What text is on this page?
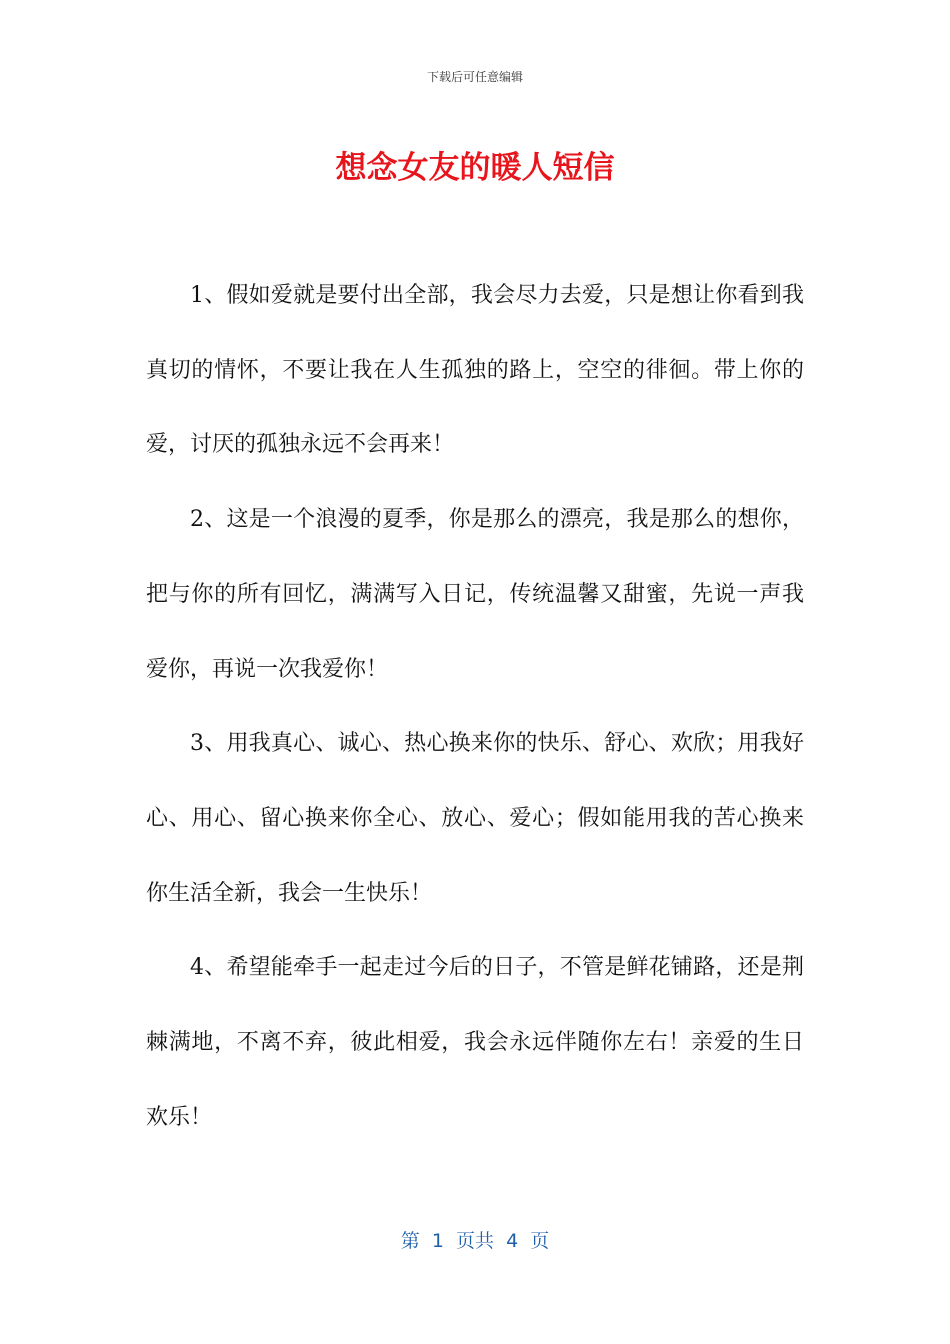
下载后可任意编辑
想念女友的暖人短信

1、假如爱就是要付出全部，我会尽力去爱，只是想让你看到我真切的情怀，不要让我在人生孤独的路上，空空的徘徊。带上你的爱，讨厌的孤独永远不会再来！

2、这是一个浪漫的夏季，你是那么的漂亮，我是那么的想你，把与你的所有回忆，满满写入日记，传统温馨又甜蜜，先说一声我爱你，再说一次我爱你！

3、用我真心、诚心、热心换来你的快乐、舒心、欢欣；用我好心、用心、留心换来你全心、放心、爱心；假如能用我的苦心换来你生活全新，我会一生快乐！

4、希望能牵手一起走过今后的日子，不管是鲜花铺路，还是荆棘满地，不离不弃，彼此相爱，我会永远伴随你左右！亲爱的生日欢乐！

第  1  页共  4  页
